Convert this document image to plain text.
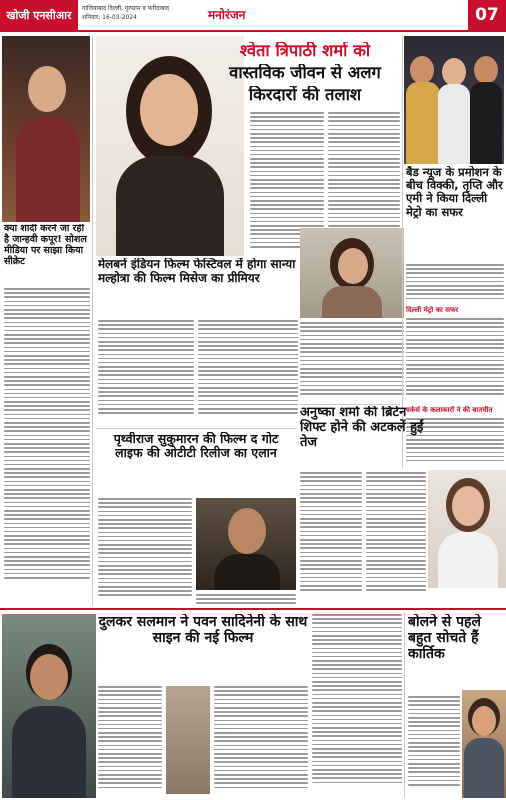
खोजी एनसीआर	गाजियाबाद दिल्ली, गुरुग्राम व फरीदाबाद
शनिवार, 16-03-2024	मनोरंजन	07
क्या शादी करने जा रही है जान्हवी कपूर! सोशल मीडिया पर साझा किया सीक्रेट
श्वेता त्रिपाठी शर्मा को
वास्तविक जीवन से अलग
किरदारों की तलाश
मेलबर्न इंडियन फिल्म फेस्टिवल में होगा सान्या मल्होत्रा की फिल्म मिसेज का प्रीमियर
पृथ्वीराज सुकुमारन की फिल्म द गोट लाइफ की ओटीटी रिलीज का एलान
बैड न्यूज के प्रमोशन के बीच विक्की, तृप्ति और एमी ने किया दिल्ली मेट्रो का सफर
दिल्ली मेट्रो का सफर
वर्कर्स के कलाकारों ने की बातचीत
अनुष्का शर्मा की ब्रिटेन शिफ्ट होने की अटकलें हुईं तेज
दुलकर सलमान ने पवन सादिनेनी के साथ साइन की नई फिल्म
बोलने से पहले बहुत सोचते हैं कार्तिक
